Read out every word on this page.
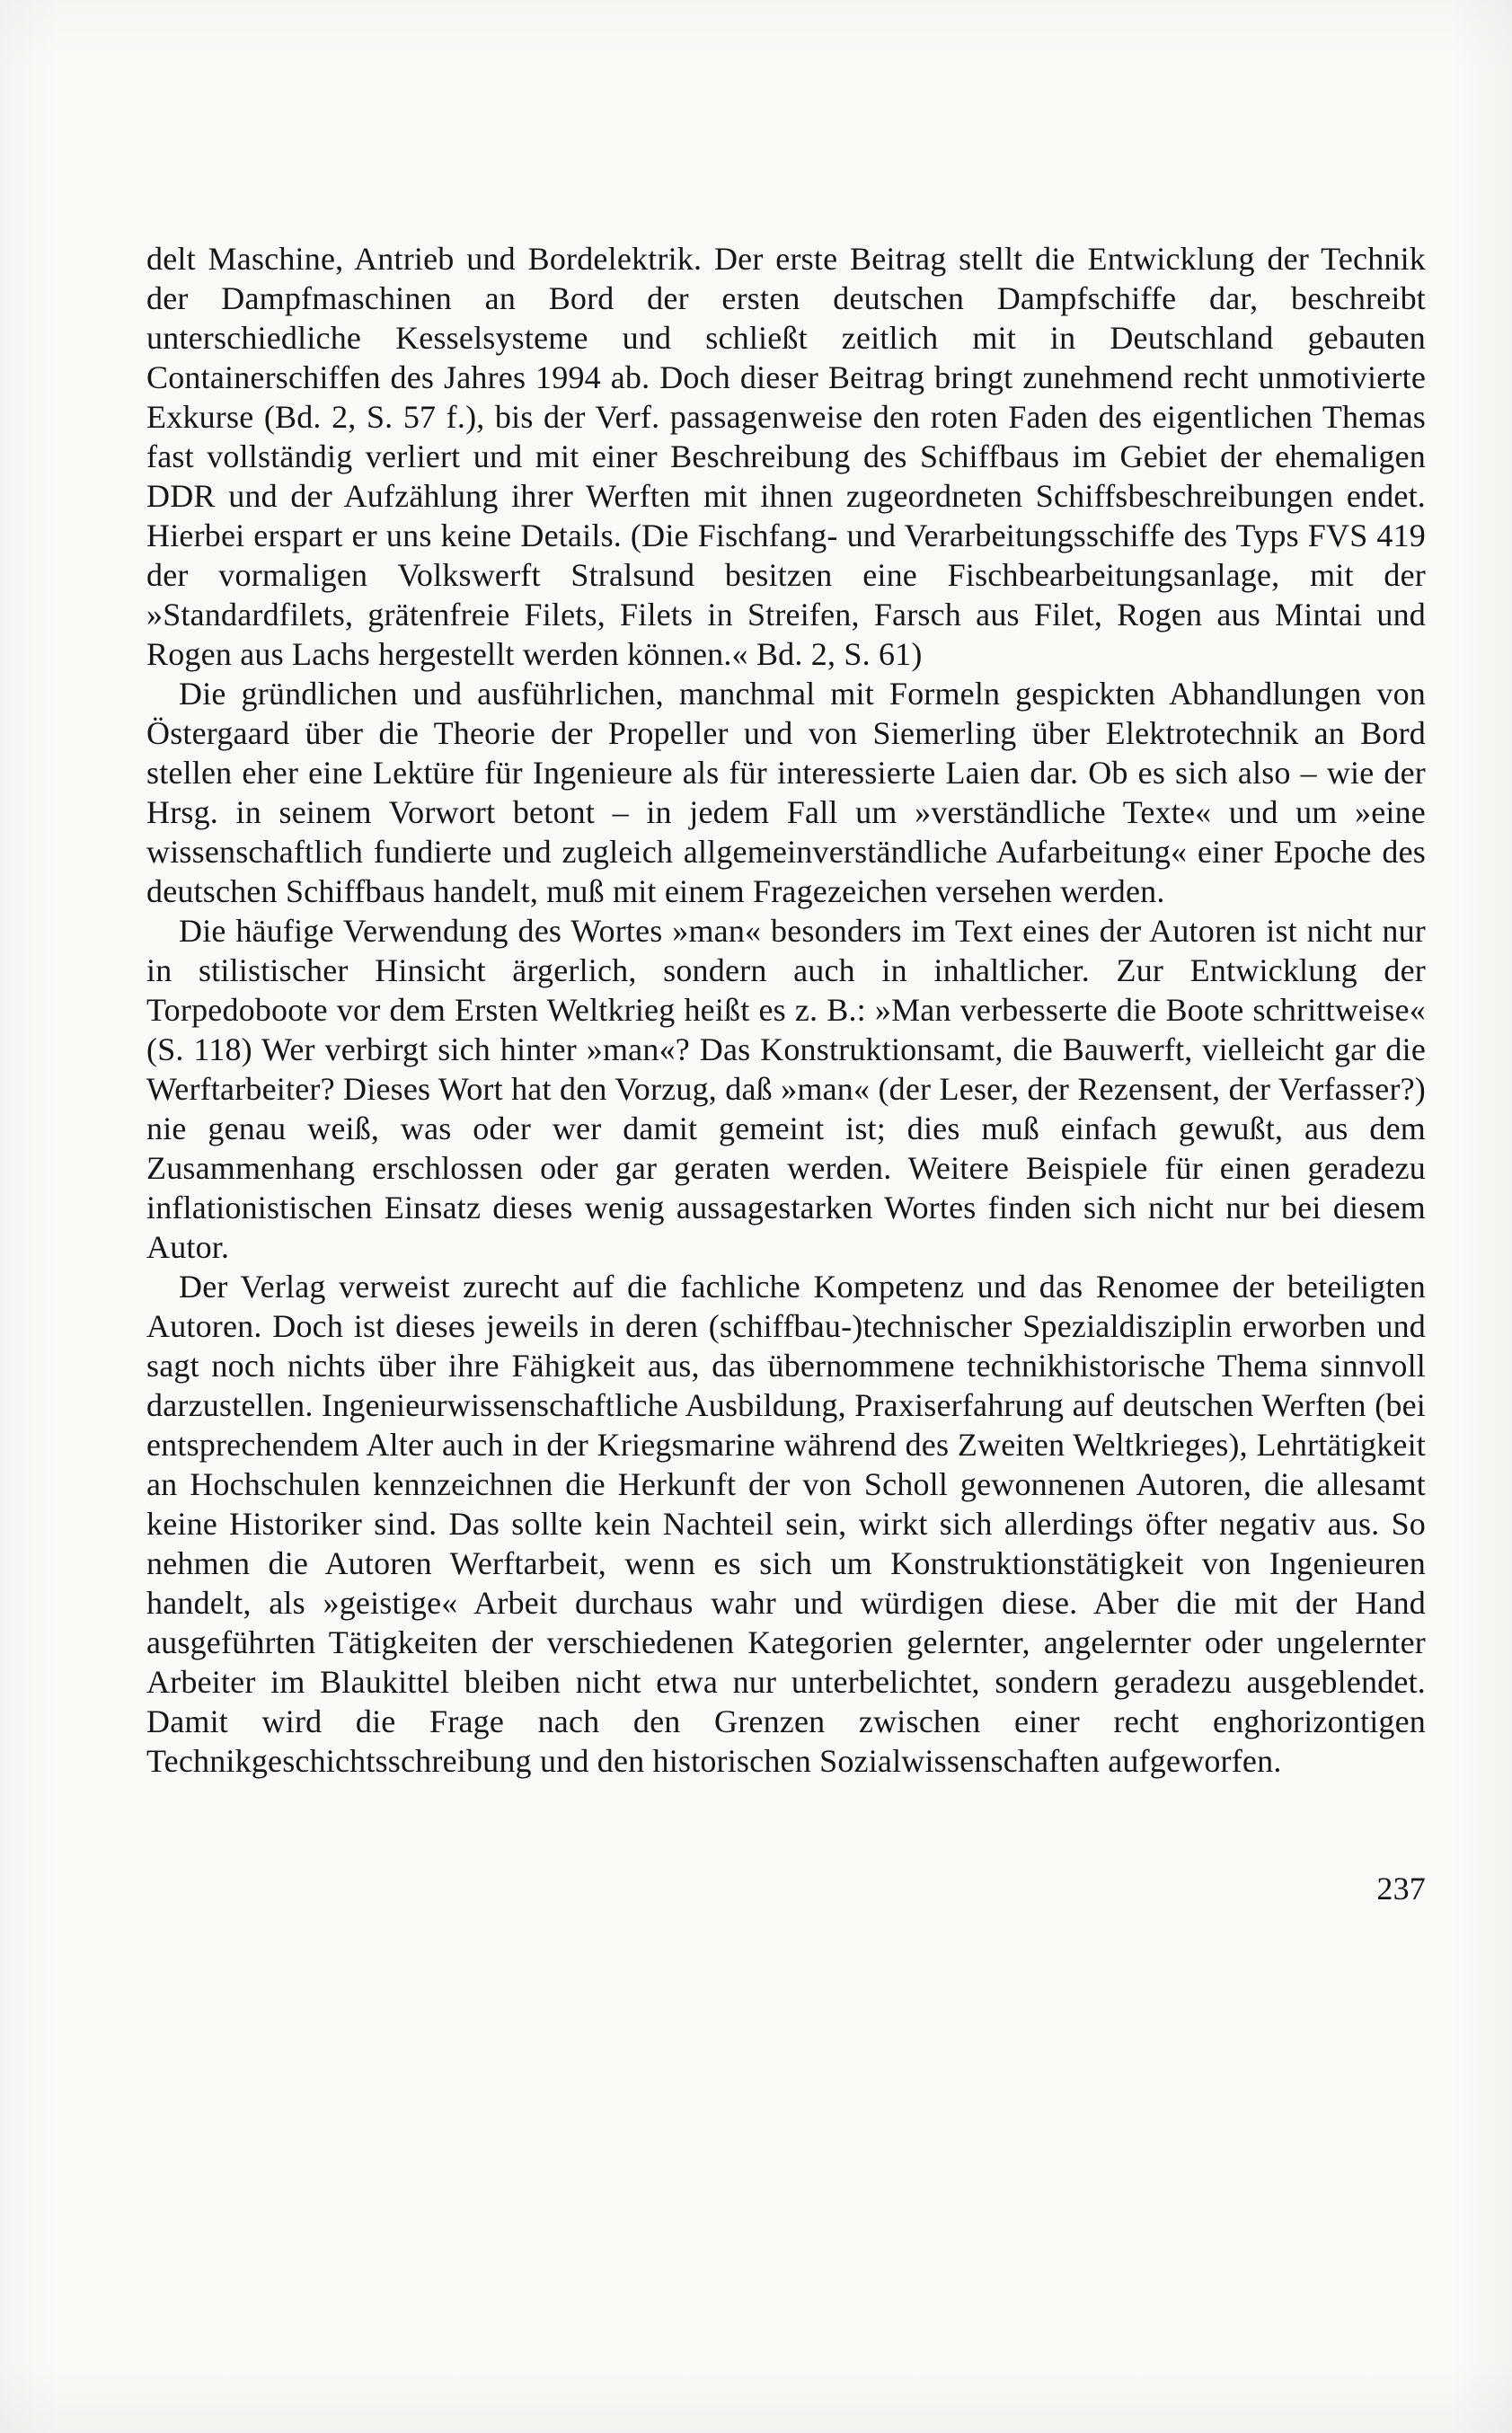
delt Maschine, Antrieb und Bordelektrik. Der erste Beitrag stellt die Entwicklung der Technik der Dampfmaschinen an Bord der ersten deutschen Dampfschiffe dar, beschreibt unterschiedliche Kesselsysteme und schließt zeitlich mit in Deutschland gebauten Containerschiffen des Jahres 1994 ab. Doch dieser Beitrag bringt zunehmend recht unmotivierte Exkurse (Bd. 2, S. 57 f.), bis der Verf. passagenweise den roten Faden des eigentlichen Themas fast vollständig verliert und mit einer Beschreibung des Schiffbaus im Gebiet der ehemaligen DDR und der Aufzählung ihrer Werften mit ihnen zugeordneten Schiffsbeschreibungen endet. Hierbei erspart er uns keine Details. (Die Fischfang- und Verarbeitungsschiffe des Typs FVS 419 der vormaligen Volkswerft Stralsund besitzen eine Fischbearbeitungsanlage, mit der »Standardfilets, grätenfreie Filets, Filets in Streifen, Farsch aus Filet, Rogen aus Mintai und Rogen aus Lachs hergestellt werden können.« Bd. 2, S. 61)

Die gründlichen und ausführlichen, manchmal mit Formeln gespickten Abhandlungen von Östergaard über die Theorie der Propeller und von Siemerling über Elektrotechnik an Bord stellen eher eine Lektüre für Ingenieure als für interessierte Laien dar. Ob es sich also – wie der Hrsg. in seinem Vorwort betont – in jedem Fall um »verständliche Texte« und um »eine wissenschaftlich fundierte und zugleich allgemeinverständliche Aufarbeitung« einer Epoche des deutschen Schiffbaus handelt, muß mit einem Fragezeichen versehen werden.

Die häufige Verwendung des Wortes »man« besonders im Text eines der Autoren ist nicht nur in stilistischer Hinsicht ärgerlich, sondern auch in inhaltlicher. Zur Entwicklung der Torpedoboote vor dem Ersten Weltkrieg heißt es z. B.: »Man verbesserte die Boote schrittweise« (S. 118) Wer verbirgt sich hinter »man«? Das Konstruktionsamt, die Bauwerft, vielleicht gar die Werftarbeiter? Dieses Wort hat den Vorzug, daß »man« (der Leser, der Rezensent, der Verfasser?) nie genau weiß, was oder wer damit gemeint ist; dies muß einfach gewußt, aus dem Zusammenhang erschlossen oder gar geraten werden. Weitere Beispiele für einen geradezu inflationistischen Einsatz dieses wenig aussagestarken Wortes finden sich nicht nur bei diesem Autor.

Der Verlag verweist zurecht auf die fachliche Kompetenz und das Renomee der beteiligten Autoren. Doch ist dieses jeweils in deren (schiffbau-)technischer Spezialdisziplin erworben und sagt noch nichts über ihre Fähigkeit aus, das übernommene technikhistorische Thema sinnvoll darzustellen. Ingenieurwissenschaftliche Ausbildung, Praxiserfahrung auf deutschen Werften (bei entsprechendem Alter auch in der Kriegsmarine während des Zweiten Weltkrieges), Lehrtätigkeit an Hochschulen kennzeichnen die Herkunft der von Scholl gewonnenen Autoren, die allesamt keine Historiker sind. Das sollte kein Nachteil sein, wirkt sich allerdings öfter negativ aus. So nehmen die Autoren Werftarbeit, wenn es sich um Konstruktionstätigkeit von Ingenieuren handelt, als »geistige« Arbeit durchaus wahr und würdigen diese. Aber die mit der Hand ausgeführten Tätigkeiten der verschiedenen Kategorien gelernter, angelernter oder ungelernter Arbeiter im Blaukittel bleiben nicht etwa nur unterbelichtet, sondern geradezu ausgeblendet. Damit wird die Frage nach den Grenzen zwischen einer recht enghorizontigen Technikgeschichtsschreibung und den historischen Sozialwissenschaften aufgeworfen.

237
